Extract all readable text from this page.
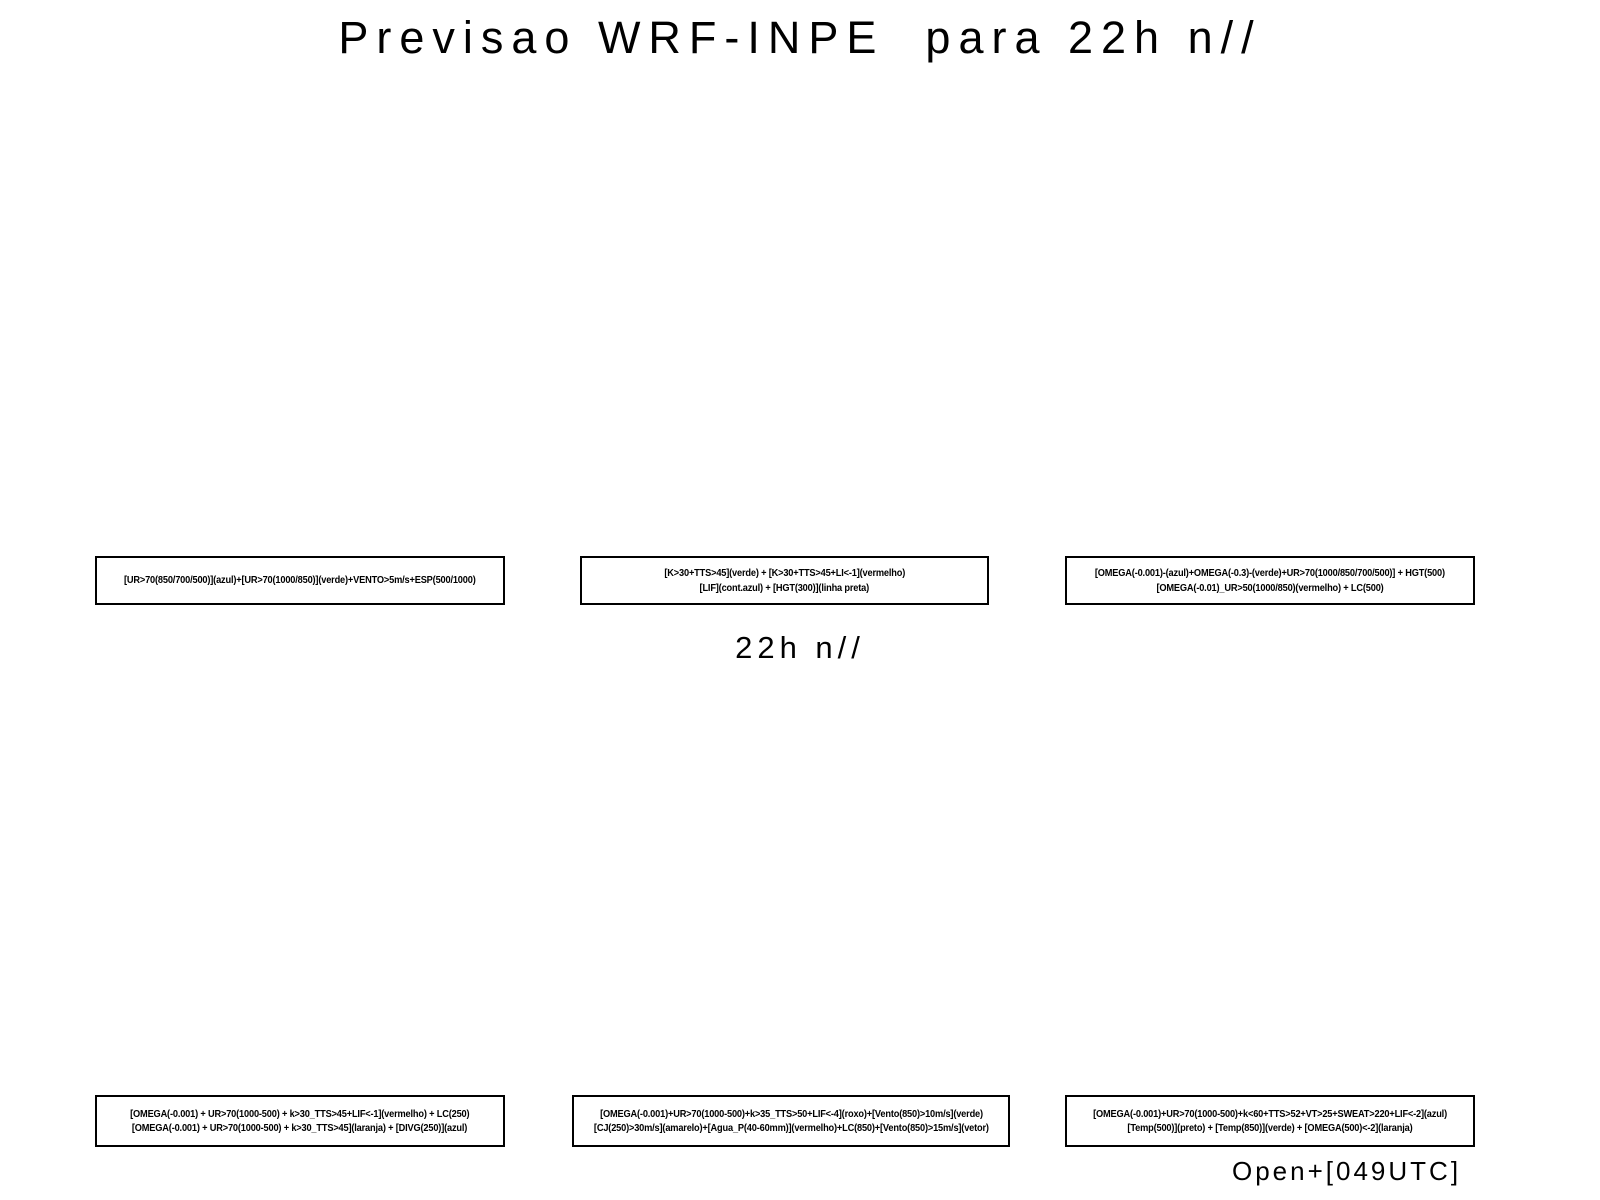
Previsao WRF-INPE  para 22h n//
[UR>70(850/700/500)](azul)+[UR>70(1000/850)](verde)+VENTO>5m/s+ESP(500/1000)
[K>30+TTS>45](verde) + [K>30+TTS>45+LI<-1](vermelho)
[LIF](cont.azul) + [HGT(300)](linha preta)
[OMEGA(-0.001)-(azul)+OMEGA(-0.3)-(verde)+UR>70(1000/850/700/500)] + HGT(500)
[OMEGA(-0.01)_UR>50(1000/850)(vermelho) + LC(500)
22h n//
[OMEGA(-0.001) + UR>70(1000-500) + k>30_TTS>45+LIF<-1](vermelho) + LC(250)
[OMEGA(-0.001) + UR>70(1000-500) + k>30_TTS>45](laranja) + [DIVG(250)](azul)
[OMEGA(-0.001)+UR>70(1000-500)+k>35_TTS>50+LIF<-4](roxo)+[Vento(850)>10m/s](verde)
[CJ(250)>30m/s](amarelo)+[Agua_P(40-60mm)](vermelho)+LC(850)+[Vento(850)>15m/s](vetor)
[OMEGA(-0.001)+UR>70(1000-500)+k<60+TTS>52+VT>25+SWEAT>220+LIF<-2](azul)
[Temp(500)](preto) + [Temp(850)](verde) + [OMEGA(500)<-2](laranja)
Open+[049UTC]
